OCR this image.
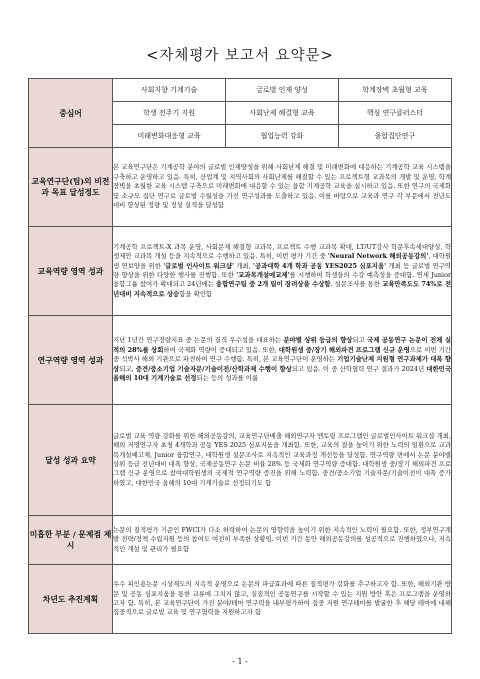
<자체평가 보고서 요약문>
중심어	
사회지향 기계기술	글로벌 인재 양성	학계장벽 초월형 교육
학생 전주기 지원	사회난제 해결형 교육	핵심 연구클러스터
미래변화대응형 교육	협업능력 강화	융합집단연구

교육연구단(팀)의 비전과 목표 달성정도	본 교육연구단은 기계공학 분야의 글로벌 인재양성을 위해 사회난제 해결 및 미래변화에 대응하는 기계공학 교육 시스템을 구축하고 운영하고 있음. 특히, 산업계 및 지역사회의 사회난제를 해결할 수 있는 프로젝트형 교과목의 개발 및 운영, 학계장벽을 초월한 교육 시스템 구축으로 미래변화에 대응할 수 있는 융합 기계공학 교육을 실시하고 있음. 또한 연구의 국제화 및 소규모 집단 연구로 글로벌 수월성을 가진 연구성과를 도출하고 있음. 이를 바탕으로 교육과 연구 각 부문에서 전년도 대비 향상된 정량 및 정성 실적을 달성함
교육역량 영역 성과	기계공학 프로젝트-X 과목 운영, 사회문제 해결형 교과목, 프로젝트 수행 교과목 확대, LT/UT강사 학문후속세대양성, 학생제안 교과목 개설 등을 지속적으로 수행하고 있음. 특히, 이번 평가 기간 중 'Neural Network 해외공동강의', 대학원생 연보양을 위한 '글로벌 인사이트 워크샵' 개최, '공과대학 4개 학과 공동 YES2025 심포지움' 개최 등 글로벌 연구역량 향상을 위한 다양한 행사를 진행함. 또한 '교과목개설에교제'를 시행하여 학생들의 수강 예측성을 증대함. 연세 Junior 융합그룹 참여가 확대되고 24년에는 융합연구팀 중 2개 팀이 장려상을 수상함. 설문조사를 통한 교육만족도도 74%로 전년대비 지속적으로 상승함을 확인함
연구역량 영역 성과	지난 1년간 연구정량지표 중 논문의 질적 우수성을 대표하는 분야별 상위 등급의 향상되고 국제 공동연구 논문이 전체 실적의 28%를 상회하여 국제화 역량이 증대되고 있음. 또한, 대학원생 중/장기 해외파견 프로그램 신규 운영으로 이번 기간 중 석박사 해외 기관으로 파견하여 연구 수행함. 특히, 본 교육연구단이 운영하는 기업기술난제 지원형 연구과제가 대폭 향상되고, 중견/중소기업 기술자문/기술이전/산학과제 수행이 향상되고 있음. 이 중 산학협력 연구 결과가 2024년 대한민국 올해의 10대 기계기술로 선정되는 등의 성과를 이룸
달성 성과 요약	글로벌 교육 역량 강화를 위한 해외공동강의, 교육연구단배출 해외연구자 멘토링 프로그램인 글로벌인사이트 워크샵 개최, 해외 저명연구자 초청 4개학과 공동 YES 2025 심포지움을 개최함. 또한, 교육의 질을 높이기 위한 노력의 일환으로 교과목개설예고제, Junior 융합연구, 대학원생 설문조사로 지속적인 교육과정 개선등을 달성함. 연구역량 면에서 논문 분야별 상위 등급 전년대비 대폭 향상, 국제공동연구 논문 비율 28% 등 국제화 연구역량 증대함. 대학원생 중/장기 해외파견 프로그램 신규 운영으로 참여대학원생의 국제적 연구역량 증진을 위해 노력함. 중견/중소기업 기술자문/기술이전이 대폭 증가하였고, 대한민국 올해의 10대 기계기술로 선정되기도 함
미흡한 부분 / 문제점 제시	논문의 질적평가 기준인 FWCI가 다소 하락하여 논문의 영향력을 높이기 위한 지속적인 노력이 필요함. 또한, 정부연구개발 전략/정책 수립지원 등의 참여도 여전히 부족한 상황임. 이번 기간 동안 해외공동강의를 성공적으로 진행하였으나, 지속적인 개설 및 관리가 필요함
차년도 추진계획	우수 피인용논문 시상제도의 지속적 운영으로 논문의 파급효과에 따른 질적평가 강화를 추구하고자 함. 또한, 해외기관 방문 및 공동 심포지움을 통한 교류에 그치지 않고, 실질적인 공동연구를 시작할 수 있는 지원 방안 혹은 프로그램을 운영하고자 함. 특히, 본 교육연구단이 가진 분야/테마 연구력을 내부평가하여 집중 지원 연구테마를 발굴한 후 해당 테마에 대해 집중적으로 글로벌 교육 및 연구협력을 지원하고자 함
- 1 -
